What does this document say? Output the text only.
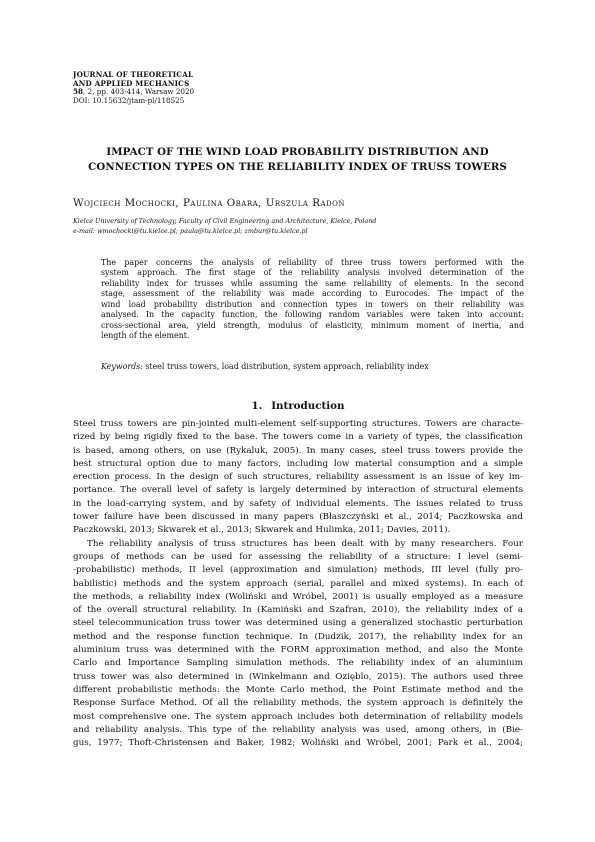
JOURNAL OF THEORETICAL
AND APPLIED MECHANICS
58, 2, pp. 403-414, Warsaw 2020
DOI: 10.15632/jtam-pl/118525
IMPACT OF THE WIND LOAD PROBABILITY DISTRIBUTION AND
CONNECTION TYPES ON THE RELIABILITY INDEX OF TRUSS TOWERS
Wojciech Mochocki, Paulina Obara, Urszula Radoń
Kielce University of Technology, Faculty of Civil Engineering and Architecture, Kielce, Poland
e-mail: wmochocki@tu.kielce.pl; paula@tu.kielce.pl; zmbur@tu.kielce.pl
The paper concerns the analysis of reliability of three truss towers performed with the
system approach. The first stage of the reliability analysis involved determination of the
reliability index for trusses while assuming the same reliability of elements. In the second
stage, assessment of the reliability was made according to Eurocodes. The impact of the
wind load probability distribution and connection types in towers on their reliability was
analysed. In the capacity function, the following random variables were taken into account:
cross-sectional area, yield strength, modulus of elasticity, minimum moment of inertia, and
length of the element.
Keywords: steel truss towers, load distribution, system approach, reliability index
1. Introduction
Steel truss towers are pin-jointed multi-element self-supporting structures. Towers are characte-
rized by being rigidly fixed to the base. The towers come in a variety of types, the classification
is based, among others, on use (Rykaluk, 2005). In many cases, steel truss towers provide the
best structural option due to many factors, including low material consumption and a simple
erection process. In the design of such structures, reliability assessment is an issue of key im-
portance. The overall level of safety is largely determined by interaction of structural elements
in the load-carrying system, and by safety of individual elements. The issues related to truss
tower failure have been discussed in many papers (Błaszczyński et al., 2014; Paczkowska and
Paczkowski, 2013; Skwarek et al., 2013; Skwarek and Hulimka, 2011; Davies, 2011).
The reliability analysis of truss structures has been dealt with by many researchers. Four
groups of methods can be used for assessing the reliability of a structure: I level (semi-
-probabilistic) methods, II level (approximation and simulation) methods, III level (fully pro-
babilistic) methods and the system approach (serial, parallel and mixed systems). In each of
the methods, a reliability index (Woliński and Wróbel, 2001) is usually employed as a measure
of the overall structural reliability. In (Kamiński and Szafran, 2010), the reliability index of a
steel telecommunication truss tower was determined using a generalized stochastic perturbation
method and the response function technique. In (Dudzik, 2017), the reliability index for an
aluminium truss was determined with the FORM approximation method, and also the Monte
Carlo and Importance Sampling simulation methods. The reliability index of an aluminium
truss tower was also determined in (Winkelmann and Ozięblo, 2015). The authors used three
different probabilistic methods: the Monte Carlo method, the Point Estimate method and the
Response Surface Method. Of all the reliability methods, the system approach is definitely the
most comprehensive one. The system approach includes both determination of reliability models
and reliability analysis. This type of the reliability analysis was used, among others, in (Bie-
gus, 1977; Thoft-Christensen and Baker, 1982; Woliński and Wróbel, 2001; Park et al., 2004;
